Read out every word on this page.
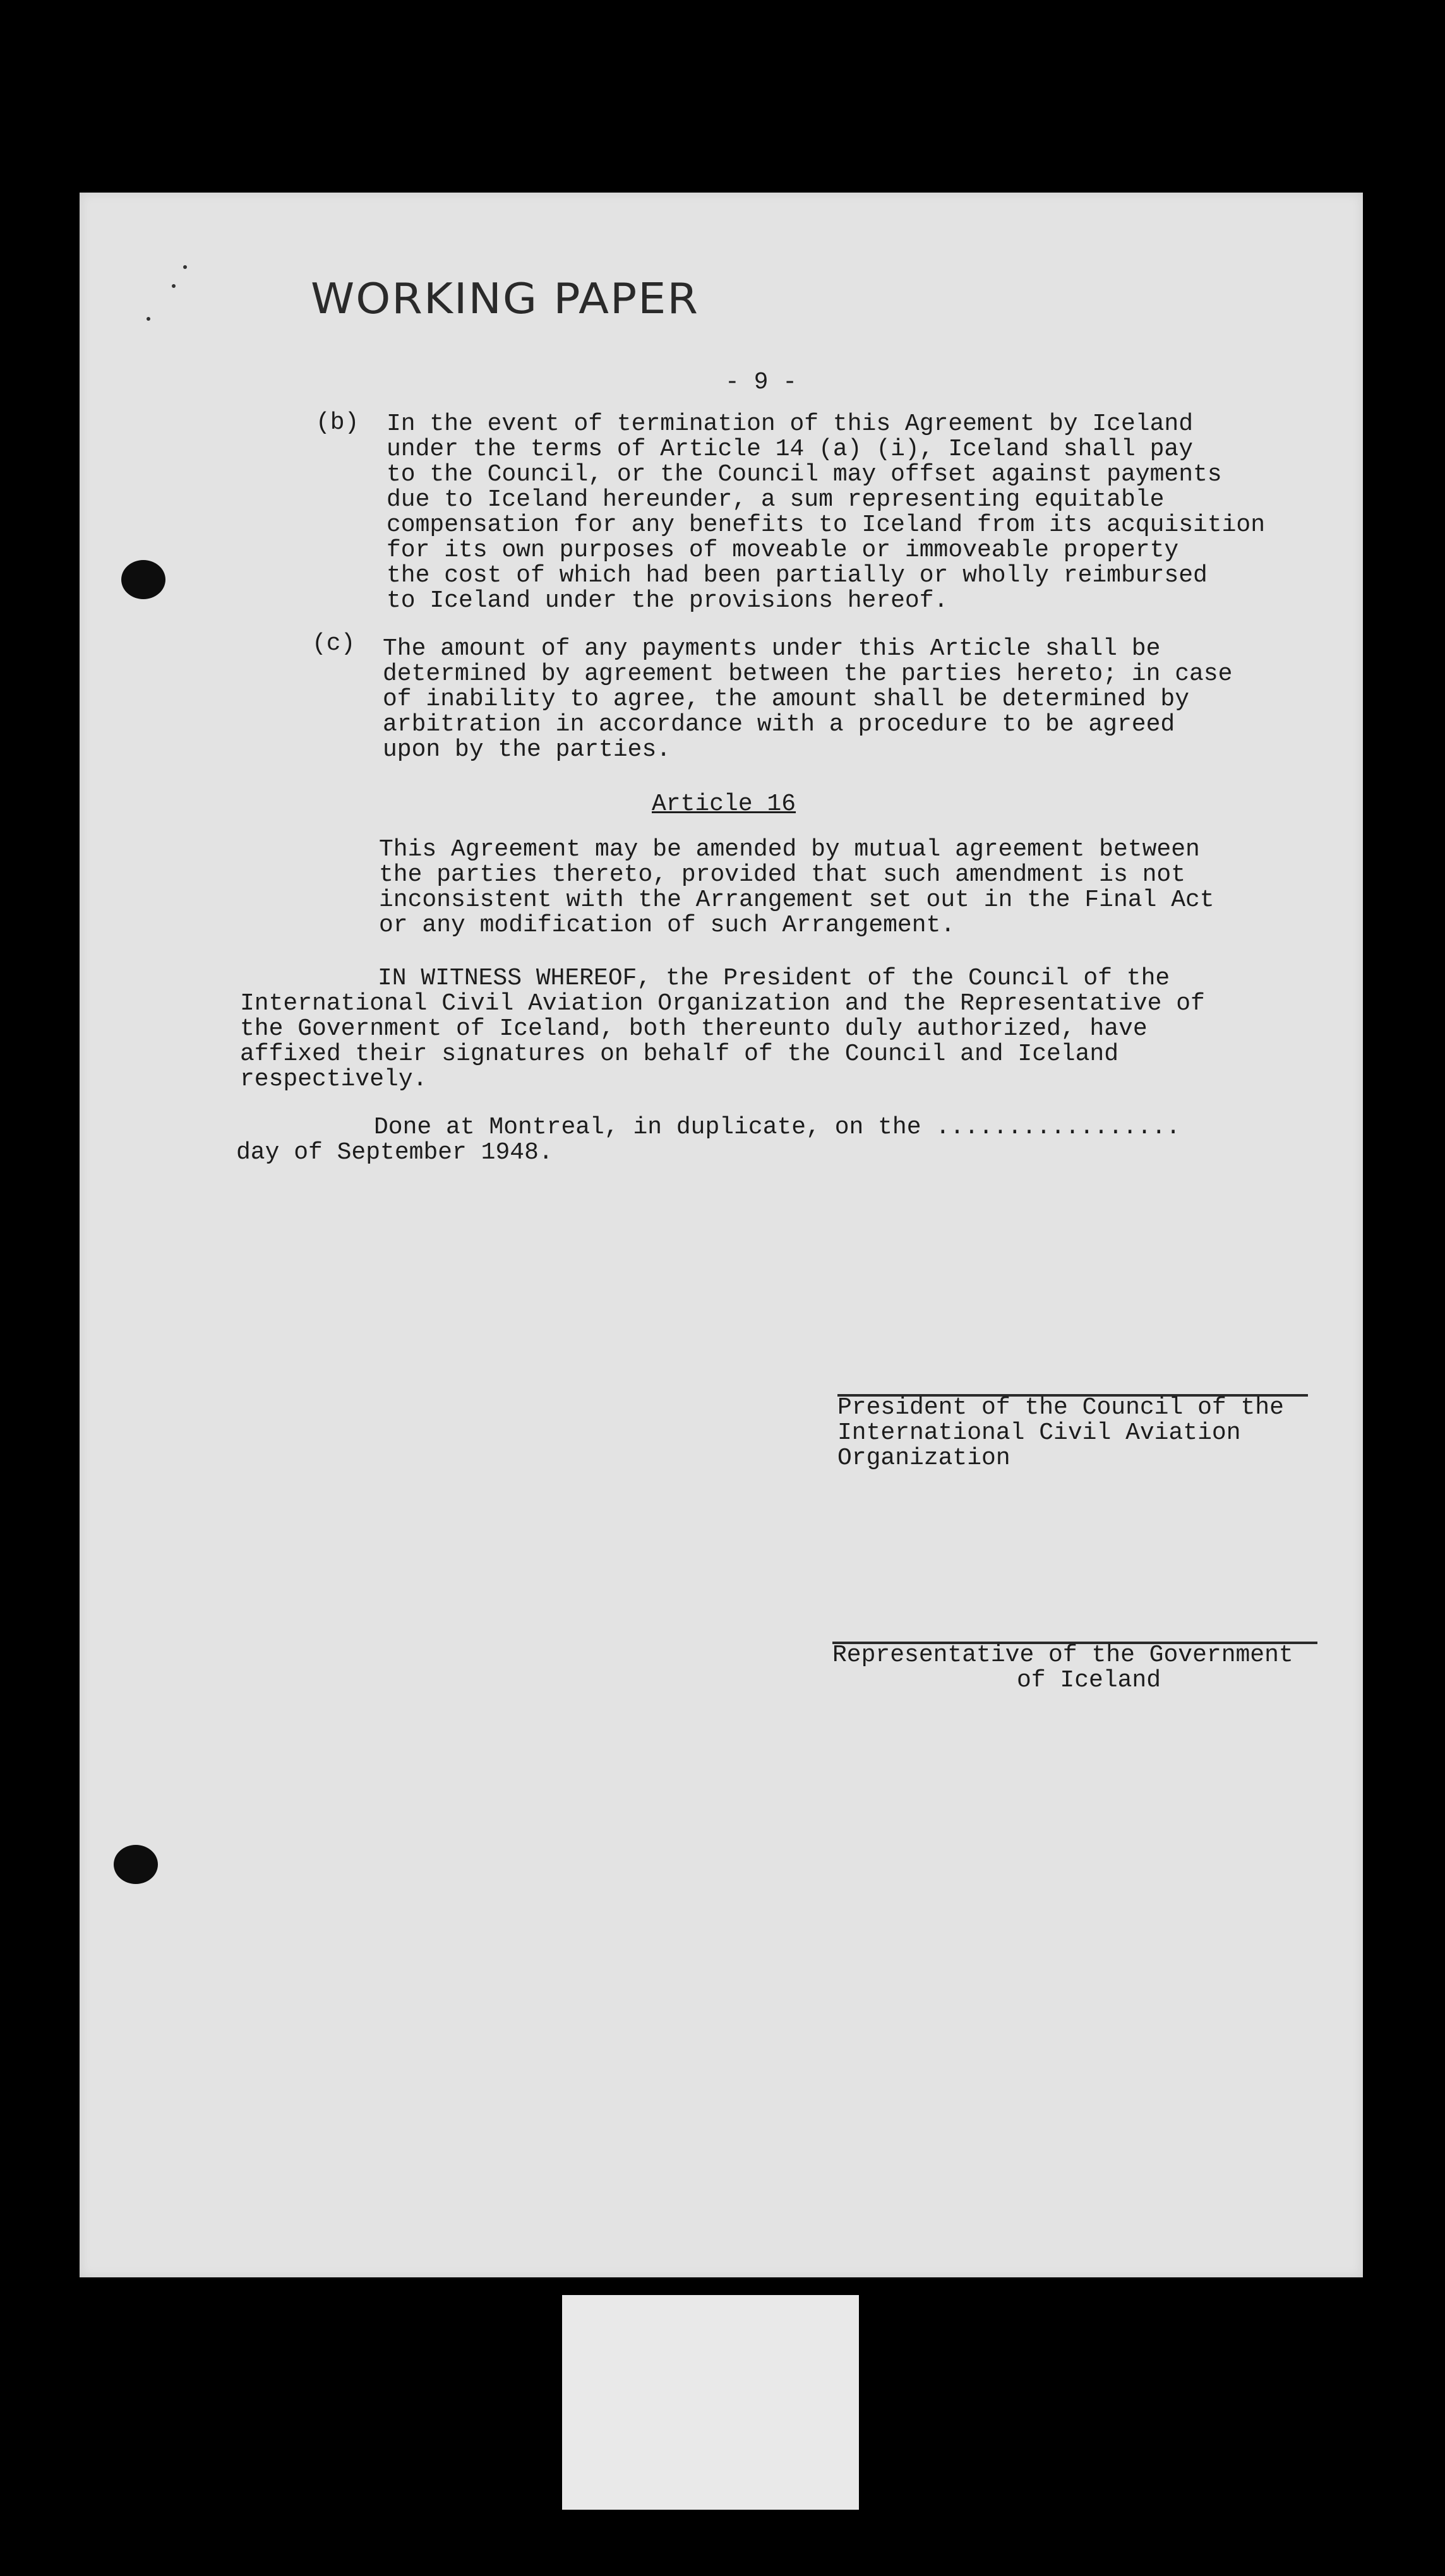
WORKING PAPER
- 9 -
(b) In the event of termination of this Agreement by Iceland
under the terms of Article 14 (a) (i), Iceland shall pay
to the Council, or the Council may offset against payments
due to Iceland hereunder, a sum representing equitable
compensation for any benefits to Iceland from its acquisition
for its own purposes of moveable or immoveable property
the cost of which had been partially or wholly reimbursed
to Iceland under the provisions hereof.
(c) The amount of any payments under this Article shall be
determined by agreement between the parties hereto; in case
of inability to agree, the amount shall be determined by
arbitration in accordance with a procedure to be agreed
upon by the parties.
Article 16
This Agreement may be amended by mutual agreement between
the parties thereto, provided that such amendment is not
inconsistent with the Arrangement set out in the Final Act
or any modification of such Arrangement.
IN WITNESS WHEREOF, the President of the Council of the
International Civil Aviation Organization and the Representative of
the Government of Iceland, both thereunto duly authorized, have
affixed their signatures on behalf of the Council and Iceland
respectively.
Done at Montreal, in duplicate, on the .................
day of September 1948.
President of the Council of the
International Civil Aviation
Organization
Representative of the Government
of Iceland
